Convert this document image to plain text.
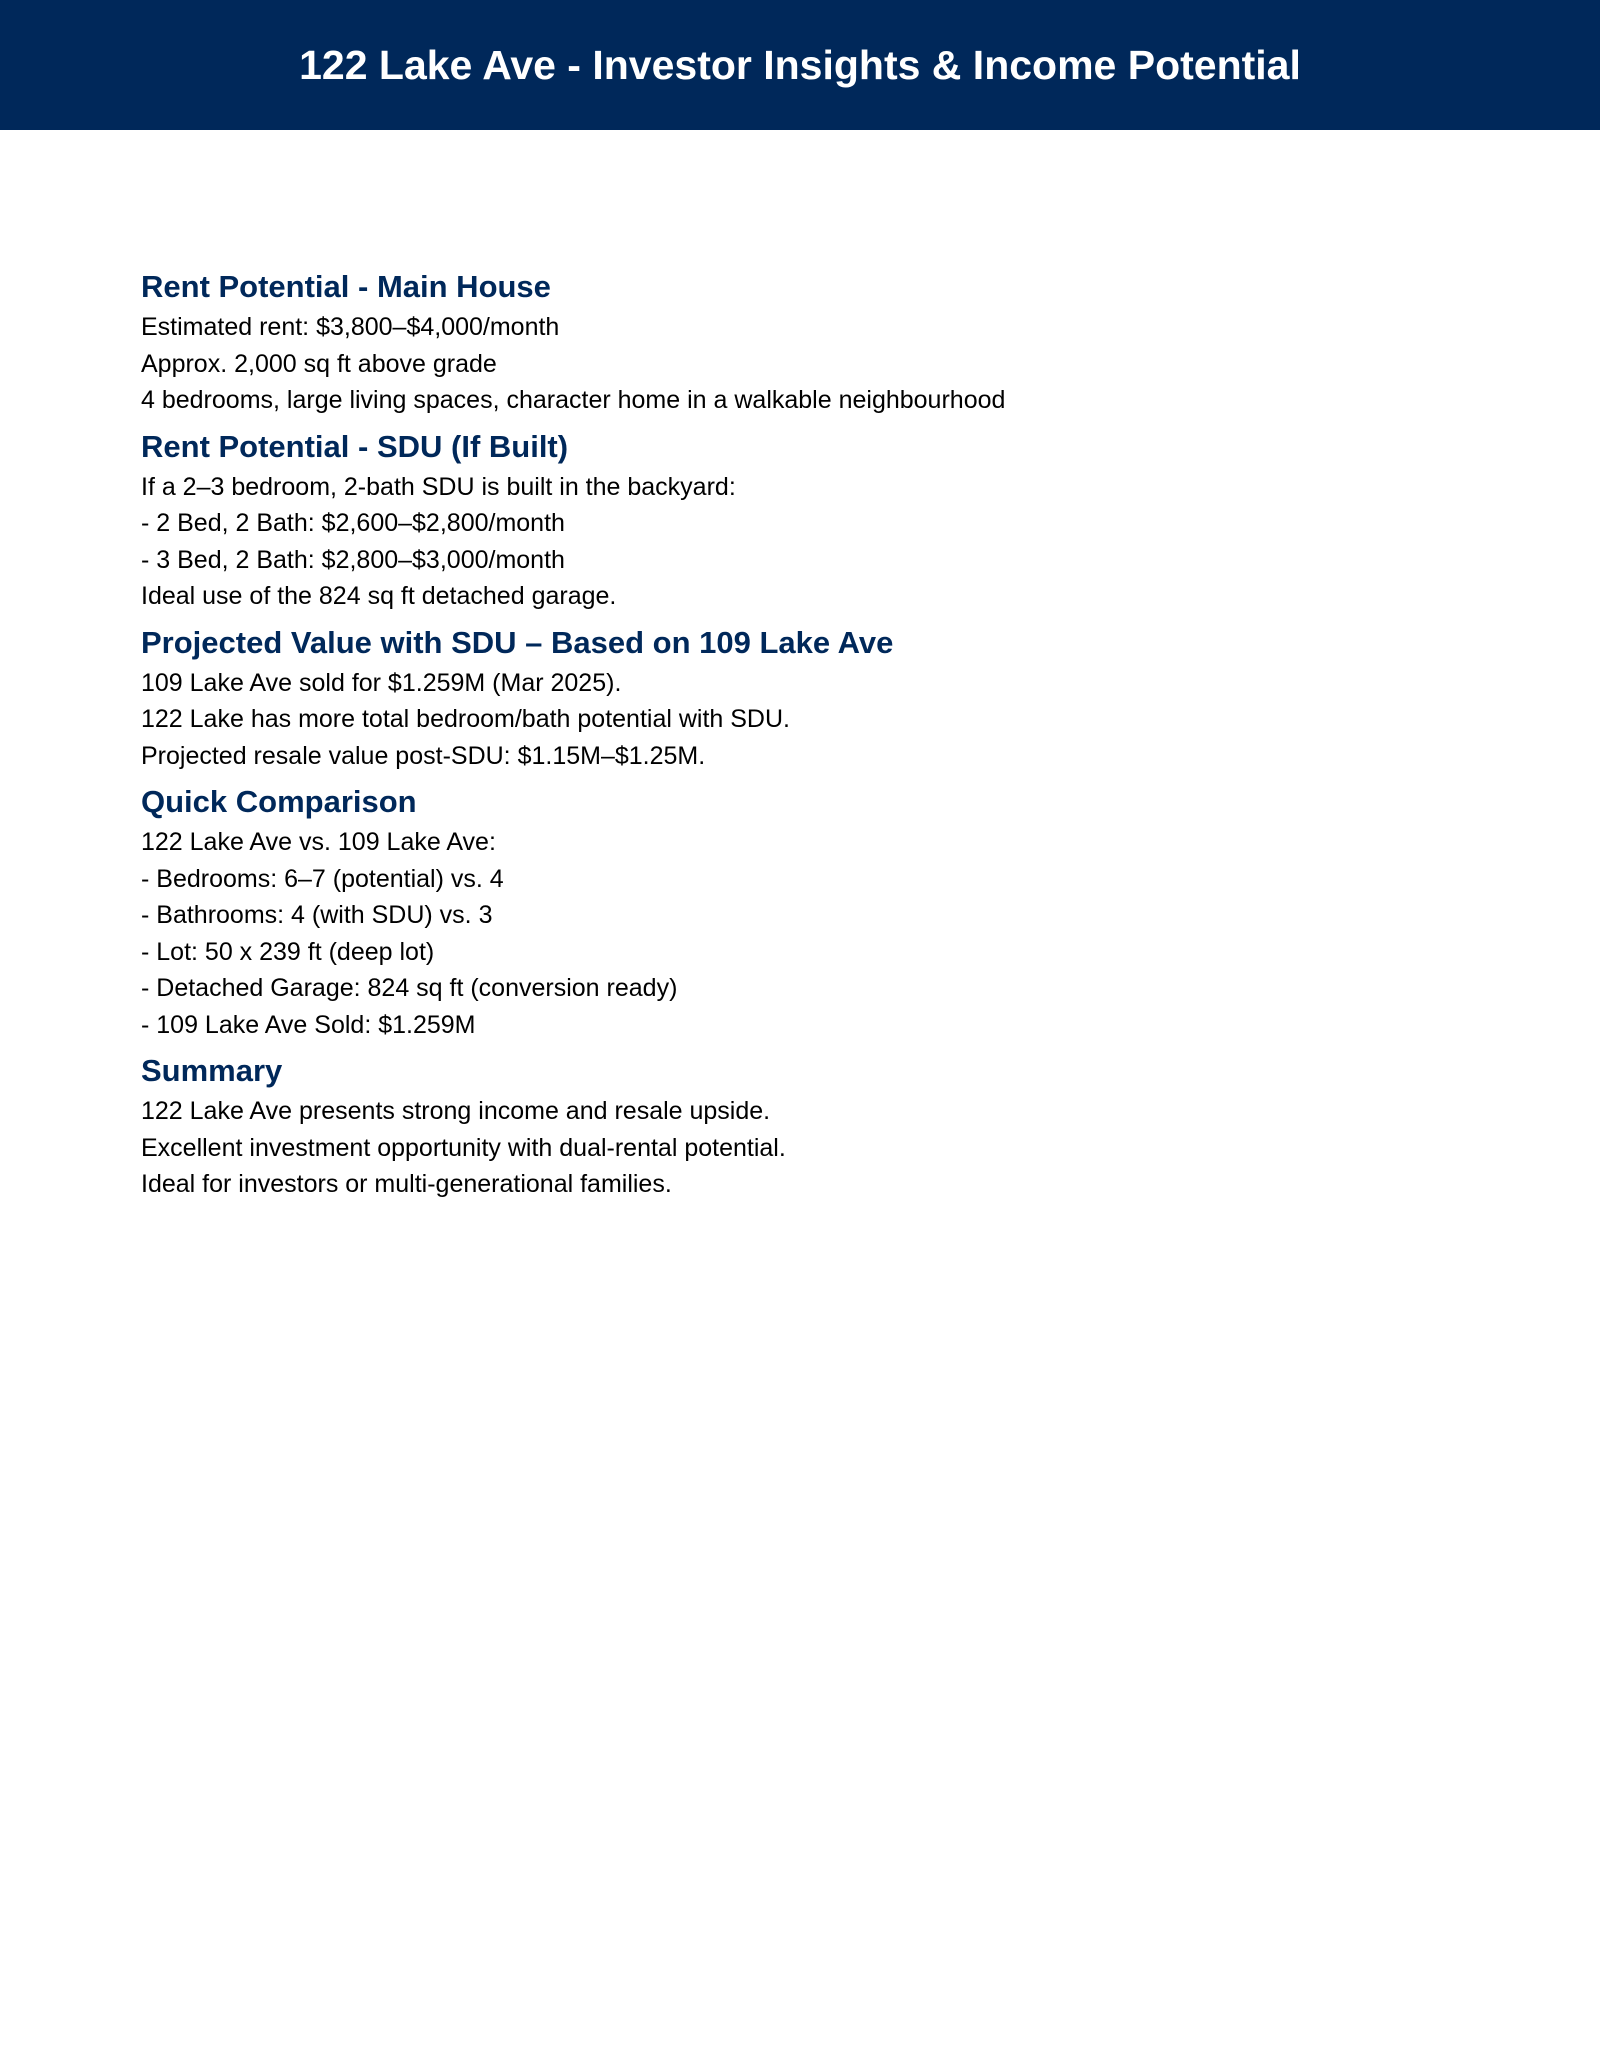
122 Lake Ave - Investor Insights & Income Potential
Rent Potential - Main House

Estimated rent: $3,800–$4,000/month

Approx. 2,000 sq ft above grade

4 bedrooms, large living spaces, character home in a walkable neighbourhood

Rent Potential - SDU (If Built)

If a 2–3 bedroom, 2-bath SDU is built in the backyard:

- 2 Bed, 2 Bath: $2,600–$2,800/month

- 3 Bed, 2 Bath: $2,800–$3,000/month

Ideal use of the 824 sq ft detached garage.

Projected Value with SDU – Based on 109 Lake Ave

109 Lake Ave sold for $1.259M (Mar 2025).

122 Lake has more total bedroom/bath potential with SDU.

Projected resale value post-SDU: $1.15M–$1.25M.

Quick Comparison

122 Lake Ave vs. 109 Lake Ave:

- Bedrooms: 6–7 (potential) vs. 4

- Bathrooms: 4 (with SDU) vs. 3

- Lot: 50 x 239 ft (deep lot)

- Detached Garage: 824 sq ft (conversion ready)

- 109 Lake Ave Sold: $1.259M

Summary

122 Lake Ave presents strong income and resale upside.

Excellent investment opportunity with dual-rental potential.

Ideal for investors or multi-generational families.
